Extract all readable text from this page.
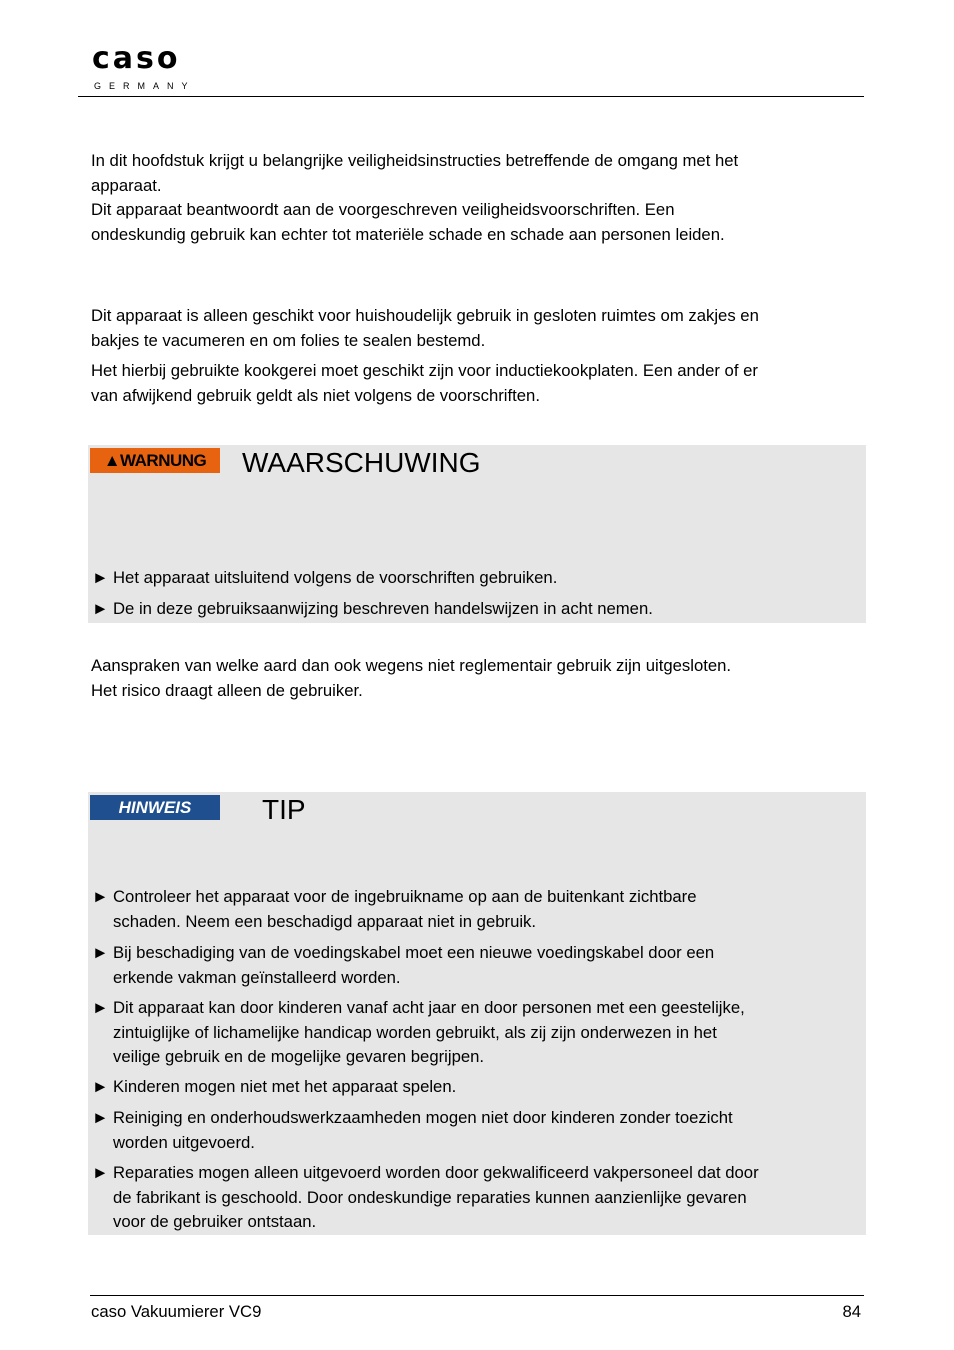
caso
GERMANY

In dit hoofdstuk krijgt u belangrijke veiligheidsinstructies betreffende de omgang met het
apparaat.

Dit apparaat beantwoordt aan de voorgeschreven veiligheidsvoorschriften. Een
ondeskundig gebruik kan echter tot materiële schade en schade aan personen leiden.

Dit apparaat is alleen geschikt voor huishoudelijk gebruik in gesloten ruimtes om zakjes en
bakjes te vacumeren en om folies te sealen bestemd.

Het hierbij gebruikte kookgerei moet geschikt zijn voor inductiekookplaten. Een ander of er
van afwijkend gebruik geldt als niet volgens de voorschriften.

▲WARNUNG	WAARSCHUWING
► Het apparaat uitsluitend volgens de voorschriften gebruiken.
► De in deze gebruiksaanwijzing beschreven handelswijzen in acht nemen.

Aanspraken van welke aard dan ook wegens niet reglementair gebruik zijn uitgesloten.
Het risico draagt alleen de gebruiker.

HINWEIS	TIP
► Controleer het apparaat voor de ingebruikname op aan de buitenkant zichtbare
schaden. Neem een beschadigd apparaat niet in gebruik.
► Bij beschadiging van de voedingskabel moet een nieuwe voedingskabel door een
erkende vakman geïnstalleerd worden.
► Dit apparaat kan door kinderen vanaf acht jaar en door personen met een geestelijke,
zintuiglijke of lichamelijke handicap worden gebruikt, als zij zijn onderwezen in het
veilige gebruik en de mogelijke gevaren begrijpen.
► Kinderen mogen niet met het apparaat spelen.
► Reiniging en onderhoudswerkzaamheden mogen niet door kinderen zonder toezicht
worden uitgevoerd.
► Reparaties mogen alleen uitgevoerd worden door gekwalificeerd vakpersoneel dat door
de fabrikant is geschoold. Door ondeskundige reparaties kunnen aanzienlijke gevaren
voor de gebruiker ontstaan.
caso Vakuumierer VC9	84
